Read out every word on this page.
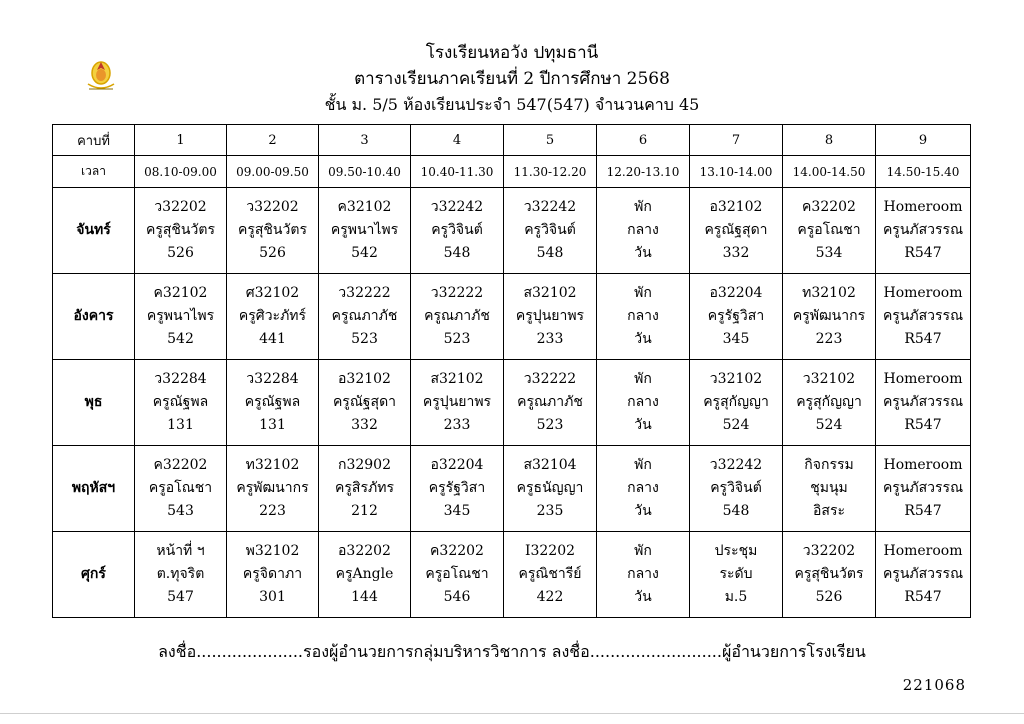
โรงเรียนหอวัง ปทุมธานี
ตารางเรียนภาคเรียนที่ 2 ปีการศึกษา 2568
ชั้น ม. 5/5 ห้องเรียนประจำ 547(547) จำนวนคาบ 45
คาบที่	1	2	3	4	5	6	7	8	9
เวลา	08.10-09.00	09.00-09.50	09.50-10.40	10.40-11.30	11.30-12.20	12.20-13.10	13.10-14.00	14.00-14.50	14.50-15.40
จันทร์	ว32202
ครูสุชินวัตร
526	ว32202
ครูสุชินวัตร
526	ค32102
ครูพนาไพร
542	ว32242
ครูวิจินต์
548	ว32242
ครูวิจินต์
548	พัก
กลาง
วัน	อ32102
ครูณัฐสุดา
332	ค32202
ครูอโณชา
534	Homeroom
ครูนภัสวรรณ
R547

อังคาร	ค32102
ครูพนาไพร
542	ศ32102
ครูศิวะภัทร์
441	ว32222
ครูณภาภัช
523	ว32222
ครูณภาภัช
523	ส32102
ครูปุนยาพร
233	พัก
กลาง
วัน	อ32204
ครูรัฐวิสา
345	ท32102
ครูพัฒนากร
223	Homeroom
ครูนภัสวรรณ
R547

พุธ	ว32284
ครูณัฐพล
131	ว32284
ครูณัฐพล
131	อ32102
ครูณัฐสุดา
332	ส32102
ครูปุนยาพร
233	ว32222
ครูณภาภัช
523	พัก
กลาง
วัน	ว32102
ครูสุกัญญา
524	ว32102
ครูสุกัญญา
524	Homeroom
ครูนภัสวรรณ
R547

พฤหัสฯ	ค32202
ครูอโณชา
543	ท32102
ครูพัฒนากร
223	ก32902
ครูสิรภัทร
212	อ32204
ครูรัฐวิสา
345	ส32104
ครูธนัญญา
235	พัก
กลาง
วัน	ว32242
ครูวิจินต์
548	กิจกรรม
ชุมนุม
อิสระ	Homeroom
ครูนภัสวรรณ
R547

ศุกร์	หน้าที่ ฯ
ต.ทุจริต
547	พ32102
ครูจิดาภา
301	อ32202
ครูAngle
144	ค32202
ครูอโณชา
546	I32202
ครูณิชารีย์
422	พัก
กลาง
วัน	ประชุม
ระดับ
ม.5	ว32202
ครูสุชินวัตร
526	Homeroom
ครูนภัสวรรณ
R547
ลงชื่อ.....................รองผู้อำนวยการกลุ่มบริหารวิชาการ ลงชื่อ..........................ผู้อำนวยการโรงเรียน
221068
